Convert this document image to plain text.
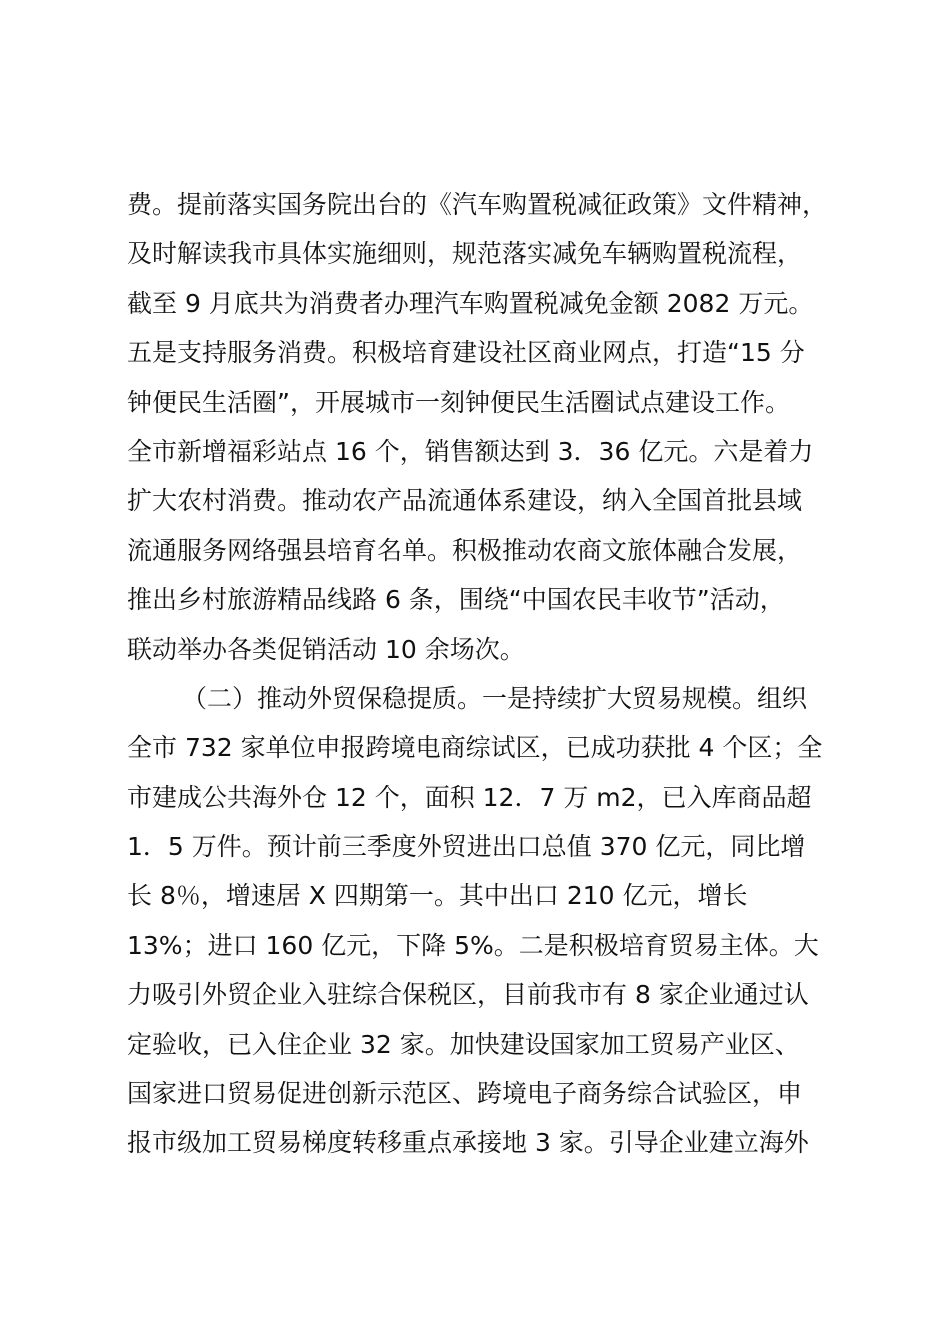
费。提前落实国务院出台的《汽车购置税减征政策》文件精神，
及时解读我市具体实施细则，规范落实减免车辆购置税流程，
截至 9 月底共为消费者办理汽车购置税减免金额 2082 万元。
五是支持服务消费。积极培育建设社区商业网点，打造“15 分
钟便民生活圈”，开展城市一刻钟便民生活圈试点建设工作。
全市新增福彩站点 16 个，销售额达到 3．36 亿元。六是着力
扩大农村消费。推动农产品流通体系建设，纳入全国首批县域
流通服务网络强县培育名单。积极推动农商文旅体融合发展，
推出乡村旅游精品线路 6 条，围绕“中国农民丰收节”活动，
联动举办各类促销活动 10 余场次。
（二）推动外贸保稳提质。一是持续扩大贸易规模。组织
全市 732 家单位申报跨境电商综试区，已成功获批 4 个区；全
市建成公共海外仓 12 个，面积 12．7 万 m2，已入库商品超
1．5 万件。预计前三季度外贸进出口总值 370 亿元，同比增
长 8％，增速居 X 四期第一。其中出口 210 亿元，增长
13%；进口 160 亿元，下降 5%。二是积极培育贸易主体。大
力吸引外贸企业入驻综合保税区，目前我市有 8 家企业通过认
定验收，已入住企业 32 家。加快建设国家加工贸易产业区、
国家进口贸易促进创新示范区、跨境电子商务综合试验区，申
报市级加工贸易梯度转移重点承接地 3 家。引导企业建立海外
